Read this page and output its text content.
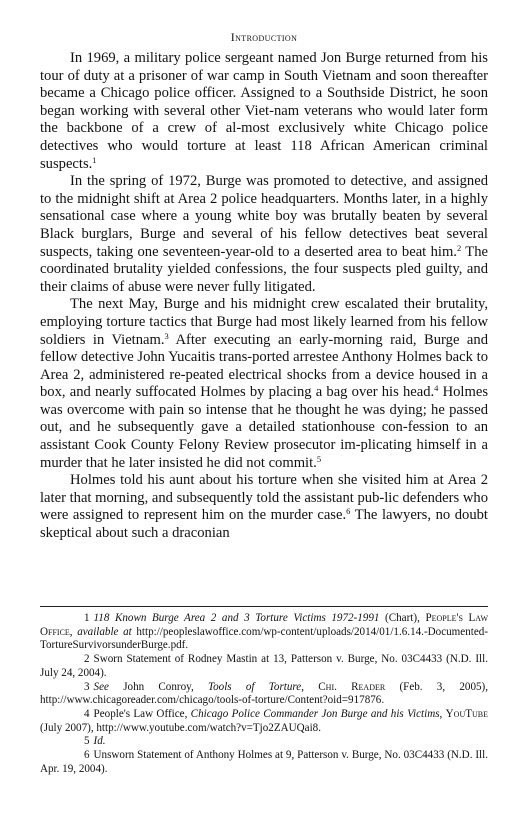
Introduction

In 1969, a military police sergeant named Jon Burge returned from his tour of duty at a prisoner of war camp in South Vietnam and soon thereafter became a Chicago police officer. Assigned to a Southside District, he soon began working with several other Viet-nam veterans who would later form the backbone of a crew of al-most exclusively white Chicago police detectives who would torture at least 118 African American criminal suspects.$^1$

In the spring of 1972, Burge was promoted to detective, and assigned to the midnight shift at Area 2 police headquarters. Months later, in a highly sensational case where a young white boy was brutally beaten by several Black burglars, Burge and several of his fellow detectives beat several suspects, taking one seventeen-year-old to a deserted area to beat him.$^2$ The coordinated brutality yielded confessions, the four suspects pled guilty, and their claims of abuse were never fully litigated.

The next May, Burge and his midnight crew escalated their brutality, employing torture tactics that Burge had most likely learned from his fellow soldiers in Vietnam.$^3$ After executing an early-morning raid, Burge and fellow detective John Yucaitis trans-ported arrestee Anthony Holmes back to Area 2, administered re-peated electrical shocks from a device housed in a box, and nearly suffocated Holmes by placing a bag over his head.$^4$ Holmes was overcome with pain so intense that he thought he was dying; he passed out, and he subsequently gave a detailed stationhouse con-fession to an assistant Cook County Felony Review prosecutor im-plicating himself in a murder that he later insisted he did not commit.$^5$

Holmes told his aunt about his torture when she visited him at Area 2 later that morning, and subsequently told the assistant pub-lic defenders who were assigned to represent him on the murder case.$^6$ The lawyers, no doubt skeptical about such a draconian

1 118 Known Burge Area 2 and 3 Torture Victims 1972-1991 (Chart), People's Law Office, available at http://peopleslawoffice.com/wp-content/uploads/2014/01/1.6.14.-Documented-TortureSurvivorsunderBurge.pdf.

2 Sworn Statement of Rodney Mastin at 13, Patterson v. Burge, No. 03C4433 (N.D. Ill. July 24, 2004).

3 See John Conroy, Tools of Torture, Chi. Reader (Feb. 3, 2005), http://www.chicagoreader.com/chicago/tools-of-torture/Content?oid=917876.

4 People's Law Office, Chicago Police Commander Jon Burge and his Victims, YouTube (July 2007), http://www.youtube.com/watch?v=Tjo2ZAUQai8.

5 Id.

6 Unsworn Statement of Anthony Holmes at 9, Patterson v. Burge, No. 03C4433 (N.D. Ill. Apr. 19, 2004).
